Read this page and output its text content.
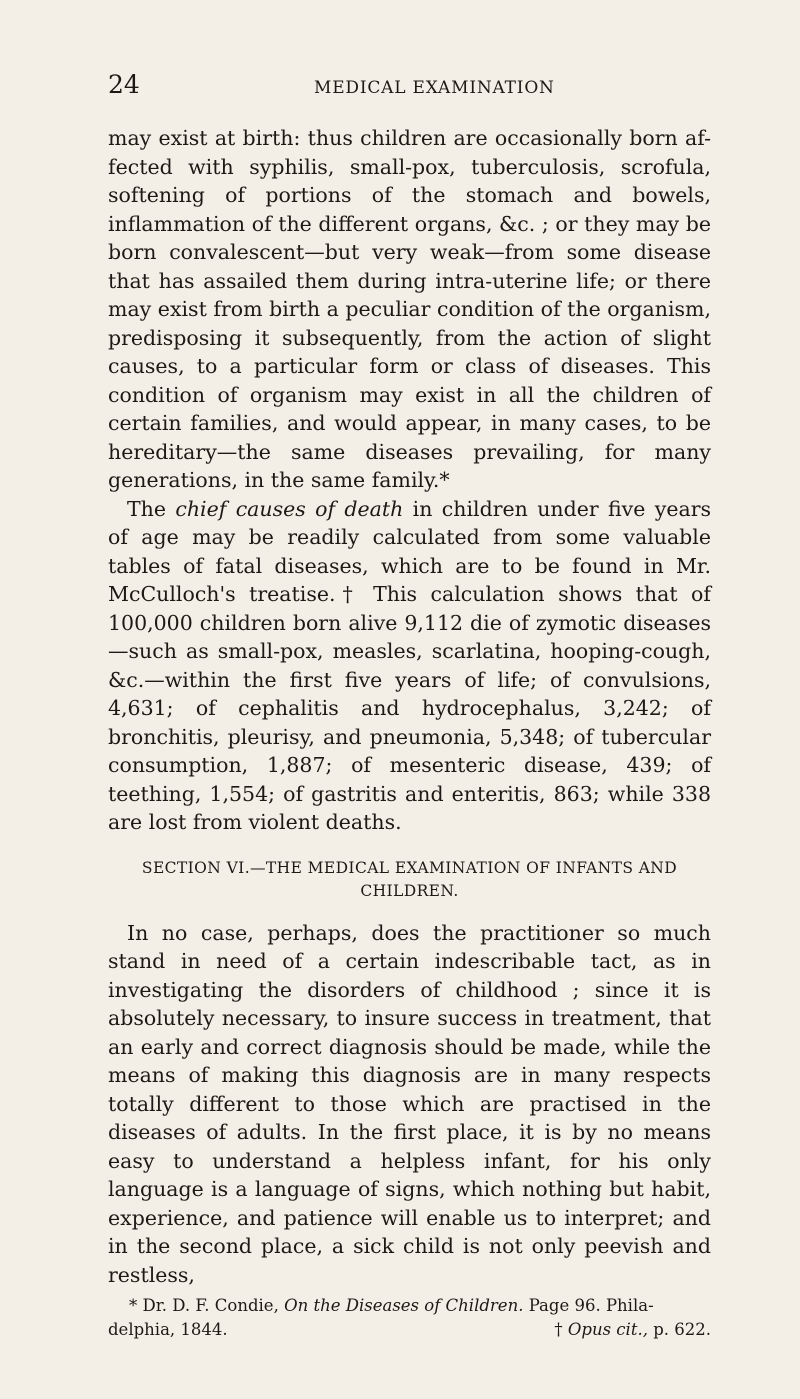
24	MEDICAL EXAMINATION

may exist at birth: thus children are occasionally born af- fected with syphilis, small-pox, tuberculosis, scrofula, softening of portions of the stomach and bowels, inflammation of the different organs, &c. ; or they may be born convalescent—but very weak—from some disease that has assailed them during intra-uterine life; or there may exist from birth a peculiar condition of the organism, predisposing it subsequently, from the action of slight causes, to a particular form or class of diseases. This condition of organism may exist in all the children of certain families, and would appear, in many cases, to be hereditary—the same diseases prevailing, for many generations, in the same family.*

The chief causes of death in children under five years of age may be readily calculated from some valuable tables of fatal diseases, which are to be found in Mr. McCulloch's treatise.† This calculation shows that of 100,000 children born alive 9,112 die of zymotic diseases—such as small-pox, measles, scarlatina, hooping-cough, &c.—within the first five years of life; of convulsions, 4,631; of cephalitis and hydrocephalus, 3,242; of bronchitis, pleurisy, and pneumonia, 5,348; of tubercular consumption, 1,887; of mesenteric disease, 439; of teething, 1,554; of gastritis and enteritis, 863; while 338 are lost from violent deaths.

SECTION VI.—THE MEDICAL EXAMINATION OF INFANTS AND
CHILDREN.

In no case, perhaps, does the practitioner so much stand in need of a certain indescribable tact, as in investigating the disorders of childhood ; since it is absolutely necessary, to insure success in treatment, that an early and correct diagnosis should be made, while the means of making this diagnosis are in many respects totally different to those which are practised in the diseases of adults. In the first place, it is by no means easy to understand a helpless infant, for his only language is a language of signs, which nothing but habit, experience, and patience will enable us to interpret; and in the second place, a sick child is not only peevish and restless,

* Dr. D. F. Condie, On the Diseases of Children. Page 96. Phila-
delphia, 1844.	† Opus cit., p. 622.
